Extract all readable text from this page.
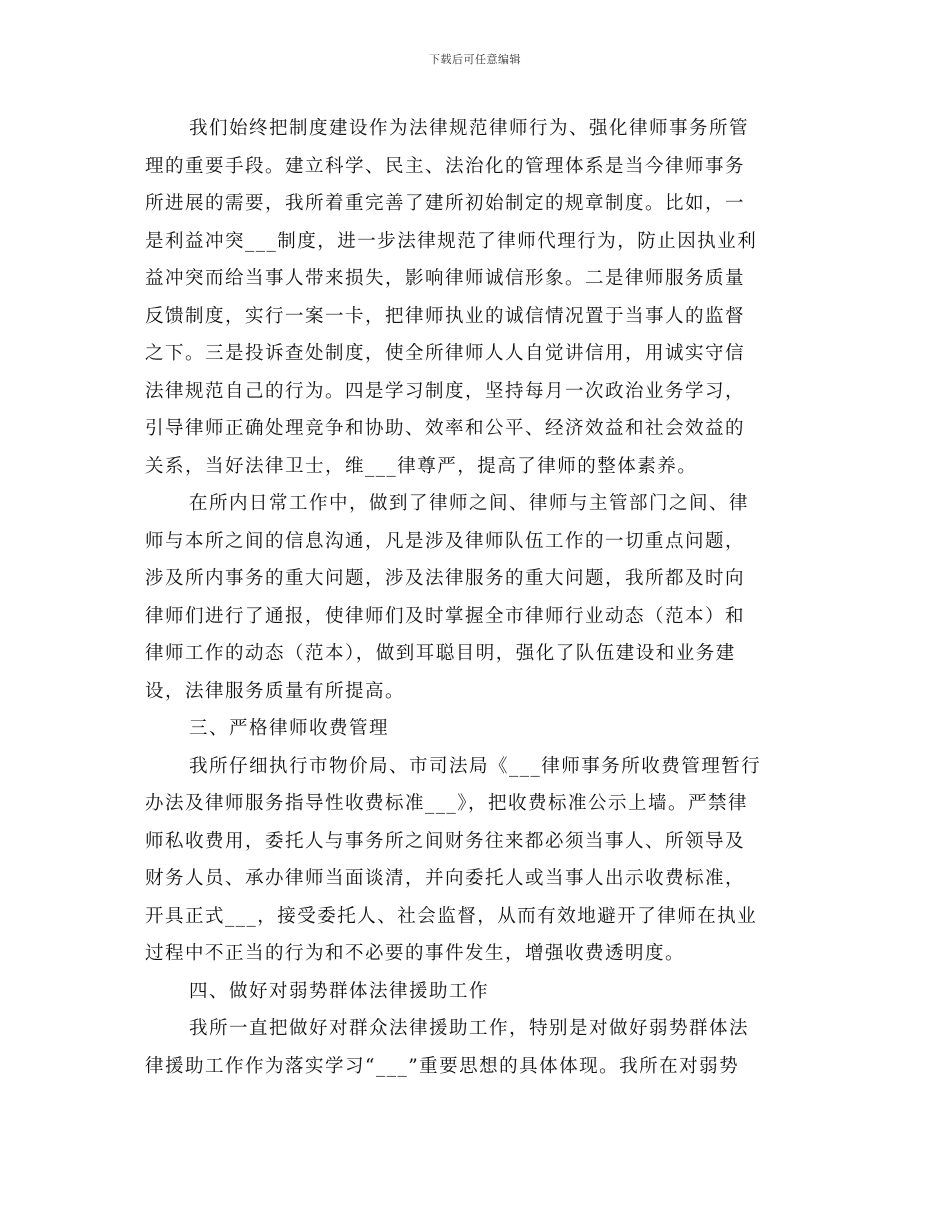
下载后可任意编辑
我们始终把制度建设作为法律规范律师行为、强化律师事务所管
理的重要手段。建立科学、民主、法治化的管理体系是当今律师事务
所进展的需要，我所着重完善了建所初始制定的规章制度。比如，一
是利益冲突___制度，进一步法律规范了律师代理行为，防止因执业利
益冲突而给当事人带来损失，影响律师诚信形象。二是律师服务质量
反馈制度，实行一案一卡，把律师执业的诚信情况置于当事人的监督
之下。三是投诉查处制度，使全所律师人人自觉讲信用，用诚实守信
法律规范自己的行为。四是学习制度，坚持每月一次政治业务学习，
引导律师正确处理竞争和协助、效率和公平、经济效益和社会效益的
关系，当好法律卫士，维___律尊严，提高了律师的整体素养。
在所内日常工作中，做到了律师之间、律师与主管部门之间、律
师与本所之间的信息沟通，凡是涉及律师队伍工作的一切重点问题，
涉及所内事务的重大问题，涉及法律服务的重大问题，我所都及时向
律师们进行了通报，使律师们及时掌握全市律师行业动态（范本）和
律师工作的动态（范本），做到耳聪目明，强化了队伍建设和业务建
设，法律服务质量有所提高。
三、严格律师收费管理
我所仔细执行市物价局、市司法局《___律师事务所收费管理暂行
办法及律师服务指导性收费标准___》，把收费标准公示上墙。严禁律
师私收费用，委托人与事务所之间财务往来都必须当事人、所领导及
财务人员、承办律师当面谈清，并向委托人或当事人出示收费标准，
开具正式___，接受委托人、社会监督，从而有效地避开了律师在执业
过程中不正当的行为和不必要的事件发生，增强收费透明度。
四、做好对弱势群体法律援助工作
我所一直把做好对群众法律援助工作，特别是对做好弱势群体法
律援助工作作为落实学习“___”重要思想的具体体现。我所在对弱势
